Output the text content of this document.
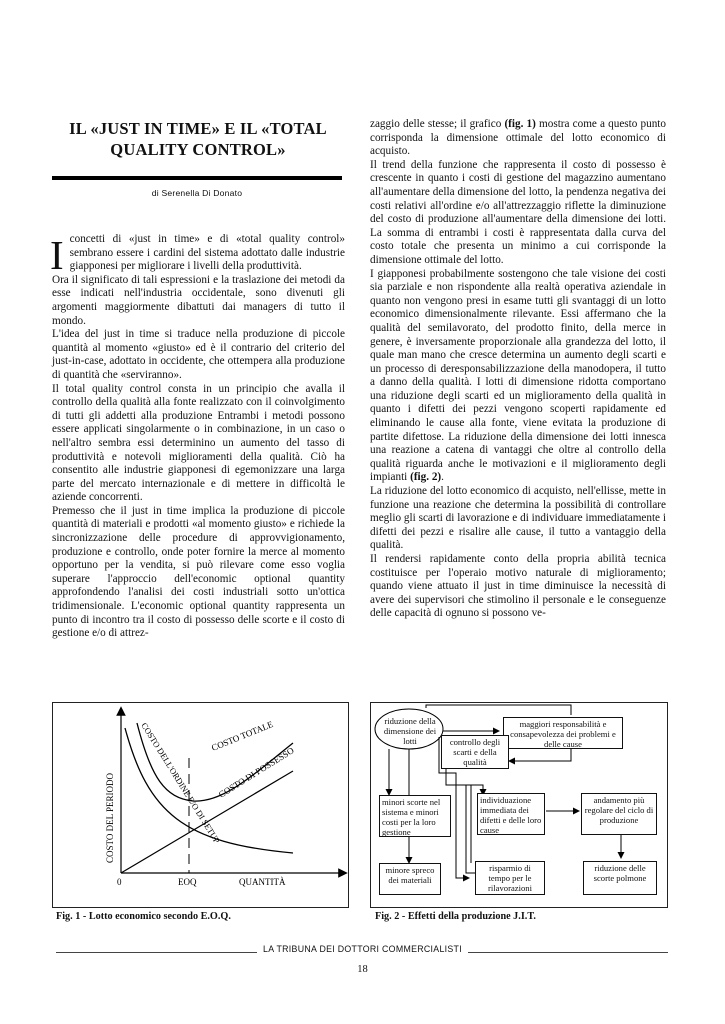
IL «JUST IN TIME» E IL «TOTAL QUALITY CONTROL»
di Serenella Di Donato

I concetti di «just in time» e di «total quality control» sembrano essere i cardini del sistema adottato dalle industrie giapponesi per migliorare i livelli della produttività.

Ora il significato di tali espressioni e la traslazione dei metodi da esse indicati nell'industria occidentale, sono divenuti gli argomenti maggiormente dibattuti dai managers di tutto il mondo.

L'idea del just in time si traduce nella produzione di piccole quantità al momento «giusto» ed è il contrario del criterio del just-in-case, adottato in occidente, che ottempera alla produzione di quantità che «serviranno».

Il total quality control consta in un principio che avalla il controllo della qualità alla fonte realizzato con il coinvolgimento di tutti gli addetti alla produzione Entrambi i metodi possono essere applicati singolarmente o in combinazione, in un caso o nell'altro sembra essi determinino un aumento del tasso di produttività e notevoli miglioramenti della qualità. Ciò ha consentito alle industrie giapponesi di egemonizzare una larga parte del mercato internazionale e di mettere in difficoltà le aziende concorrenti.

Premesso che il just in time implica la produzione di piccole quantità di materiali e prodotti «al momento giusto» e richiede la sincronizzazione delle procedure di approvvigionamento, produzione e controllo, onde poter fornire la merce al momento opportuno per la vendita, si può rilevare come esso voglia superare l'approccio dell'economic optional quantity approfondendo l'analisi dei costi industriali sotto un'ottica tridimensionale. L'economic optional quantity rappresenta un punto di incontro tra il costo di possesso delle scorte e il costo di gestione e/o di attrez-

zaggio delle stesse; il grafico (fig. 1) mostra come a questo punto corrisponda la dimensione ottimale del lotto economico di acquisto.

Il trend della funzione che rappresenta il costo di possesso è crescente in quanto i costi di gestione del magazzino aumentano all'aumentare della dimensione del lotto, la pendenza negativa dei costi relativi all'ordine e/o all'attrezzaggio riflette la diminuzione del costo di produzione all'aumentare della dimensione dei lotti. La somma di entrambi i costi è rappresentata dalla curva del costo totale che presenta un minimo a cui corrisponde la dimensione ottimale del lotto.

I giapponesi probabilmente sostengono che tale visione dei costi sia parziale e non rispondente alla realtà operativa aziendale in quanto non vengono presi in esame tutti gli svantaggi di un lotto economico dimensionalmente rilevante. Essi affermano che la qualità del semilavorato, del prodotto finito, della merce in genere, è inversamente proporzionale alla grandezza del lotto, il quale man mano che cresce determina un aumento degli scarti e un processo di deresponsabilizzazione della manodopera, il tutto a danno della qualità. I lotti di dimensione ridotta comportano una riduzione degli scarti ed un miglioramento della qualità in quanto i difetti dei pezzi vengono scoperti rapidamente ed eliminando le cause alla fonte, viene evitata la produzione di partite difettose. La riduzione della dimensione dei lotti innesca una reazione a catena di vantaggi che oltre al controllo della qualità riguarda anche le motivazioni e il miglioramento degli impianti (fig. 2).

La riduzione del lotto economico di acquisto, nell'ellisse, mette in funzione una reazione che determina la possibilità di controllare meglio gli scarti di lavorazione e di individuare immediatamente i difetti dei pezzi e risalire alle cause, il tutto a vantaggio della qualità.

Il rendersi rapidamente conto della propria abilità tecnica costituisce per l'operaio motivo naturale di miglioramento; quando viene attuato il just in time diminuisce la necessità di avere dei supervisori che stimolino il personale e le conseguenze delle capacità di ognuno si possono ve-

COSTO DEL PERIODO
0	EOQ	QUANTITÀ
COSTO TOTALE
COSTO DI POSSESSO
COSTO DELL'ORDINE E/O DI SETUP
Fig. 1 - Lotto economico secondo E.O.Q.
riduzione della dimensione dei lotti
maggiori responsabilità e consapevolezza dei problemi e delle cause
controllo degli scarti e della qualità
minori scorte nel sistema e minori costi per la loro gestione
individuazione immediata dei difetti e delle loro cause
andamento più regolare del ciclo di produzione
minore spreco dei materiali
risparmio di tempo per le rilavorazioni
riduzione delle scorte polmone
Fig. 2 - Effetti della produzione J.I.T.
LA TRIBUNA DEI DOTTORI COMMERCIALISTI
18
